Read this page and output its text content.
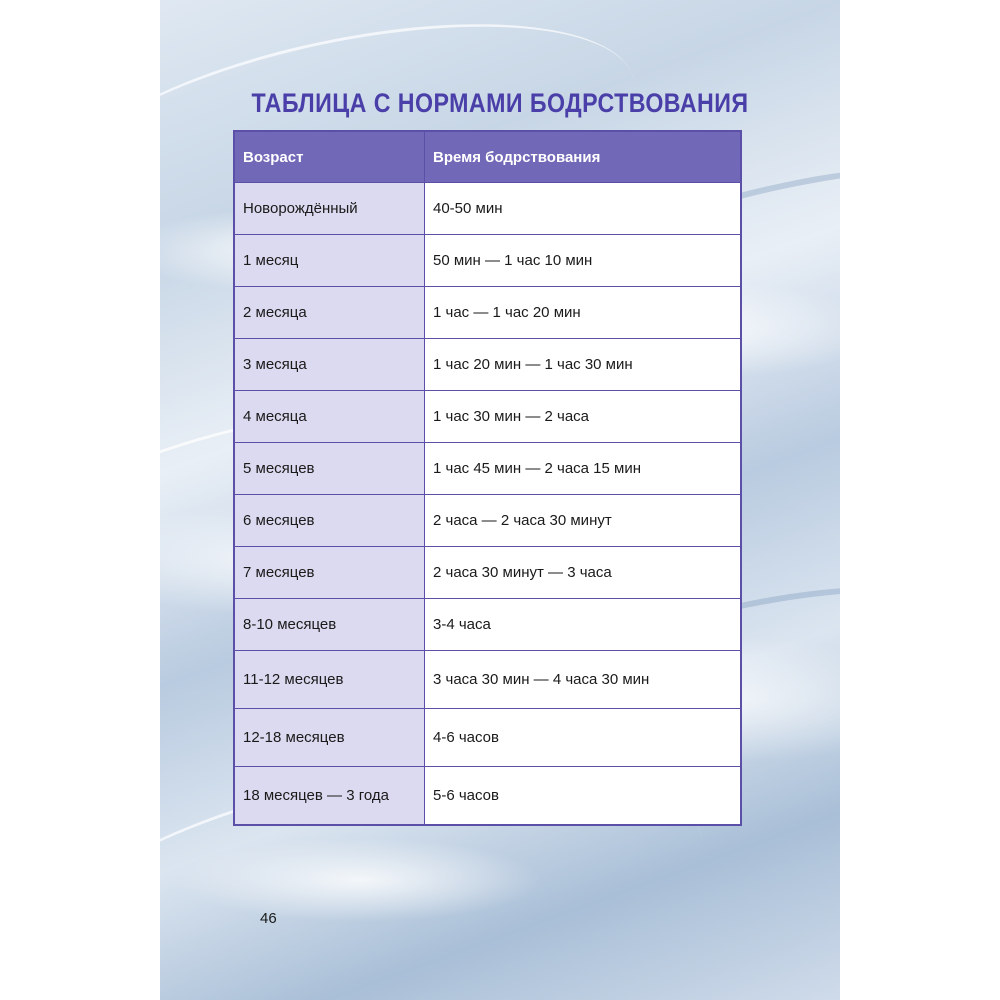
ТАБЛИЦА С НОРМАМИ БОДРСТВОВАНИЯ
Возраст	Время бодрствования
Новорождённый	40-50 мин
1 месяц	50 мин — 1 час 10 мин
2 месяца	1 час — 1 час 20 мин
3 месяца	1 час 20 мин — 1 час 30 мин
4 месяца	1 час 30 мин — 2 часа
5 месяцев	1 час 45 мин — 2 часа 15 мин
6 месяцев	2 часа — 2 часа 30 минут
7 месяцев	2 часа 30 минут — 3 часа
8-10 месяцев	3-4 часа
11-12 месяцев	3 часа 30 мин — 4 часа 30 мин
12-18 месяцев	4-6 часов
18 месяцев — 3 года	5-6 часов
46
